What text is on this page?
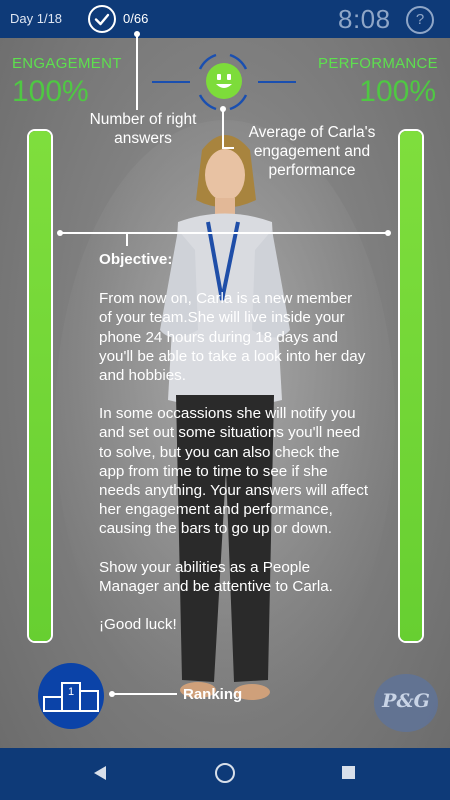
Day 1/18	0/66	8:08	?
ENGAGEMENT
100%
PERFORMANCE
100%
Number of right answers	Average of Carla's engagement and performance

Objective:

From now on, Carla is a new member of your team.She will live inside your phone 24 hours during 18 days and you'll be able to take a look into her day and hobbies.

In some occassions she will notify you and set out some situations you'll need to solve, but you can also check the app from time to time to see if she needs anything. Your answers will affect her engagement and performance, causing the bars to go up or down.

Show your abilities as a People Manager and be attentive to Carla.

¡Good luck!

1	Ranking	P&G
